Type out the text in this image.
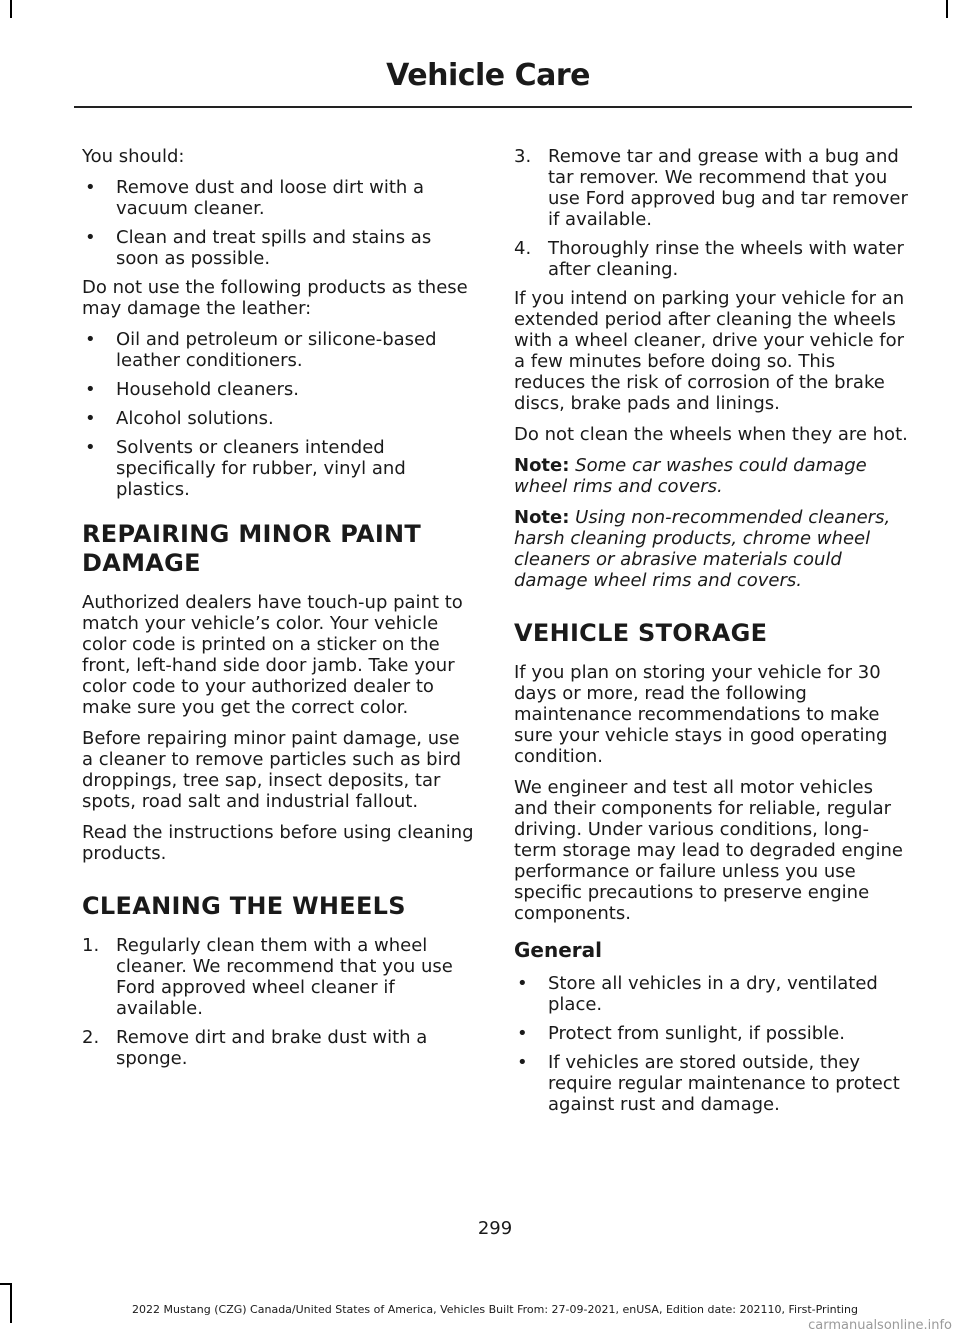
Vehicle Care

You should:

• Remove dust and loose dirt with a vacuum cleaner.
• Clean and treat spills and stains as soon as possible.

Do not use the following products as these may damage the leather:

• Oil and petroleum or silicone-based leather conditioners.
• Household cleaners.
• Alcohol solutions.
• Solvents or cleaners intended specifically for rubber, vinyl and plastics.
REPAIRING MINOR PAINT
DAMAGE

Authorized dealers have touch-up paint to match your vehicle’s color. Your vehicle color code is printed on a sticker on the front, left-hand side door jamb. Take your color code to your authorized dealer to make sure you get the correct color.

Before repairing minor paint damage, use a cleaner to remove particles such as bird droppings, tree sap, insect deposits, tar spots, road salt and industrial fallout.

Read the instructions before using cleaning products.

CLEANING THE WHEELS
1. Regularly clean them with a wheel cleaner. We recommend that you use Ford approved wheel cleaner if available.
2. Remove dirt and brake dust with a sponge.
3. Remove tar and grease with a bug and tar remover. We recommend that you use Ford approved bug and tar remover if available.
4. Thoroughly rinse the wheels with water after cleaning.

If you intend on parking your vehicle for an extended period after cleaning the wheels with a wheel cleaner, drive your vehicle for a few minutes before doing so. This reduces the risk of corrosion of the brake discs, brake pads and linings.

Do not clean the wheels when they are hot.

Note: Some car washes could damage wheel rims and covers.

Note: Using non-recommended cleaners, harsh cleaning products, chrome wheel cleaners or abrasive materials could damage wheel rims and covers.

VEHICLE STORAGE

If you plan on storing your vehicle for 30 days or more, read the following maintenance recommendations to make sure your vehicle stays in good operating condition.

We engineer and test all motor vehicles and their components for reliable, regular driving. Under various conditions, long-term storage may lead to degraded engine performance or failure unless you use specific precautions to preserve engine components.

General
• Store all vehicles in a dry, ventilated place.
• Protect from sunlight, if possible.
• If vehicles are stored outside, they require regular maintenance to protect against rust and damage.
299
2022 Mustang (CZG) Canada/United States of America, Vehicles Built From: 27-09-2021, enUSA, Edition date: 202110, First-Printing
carmanualsonline.info
